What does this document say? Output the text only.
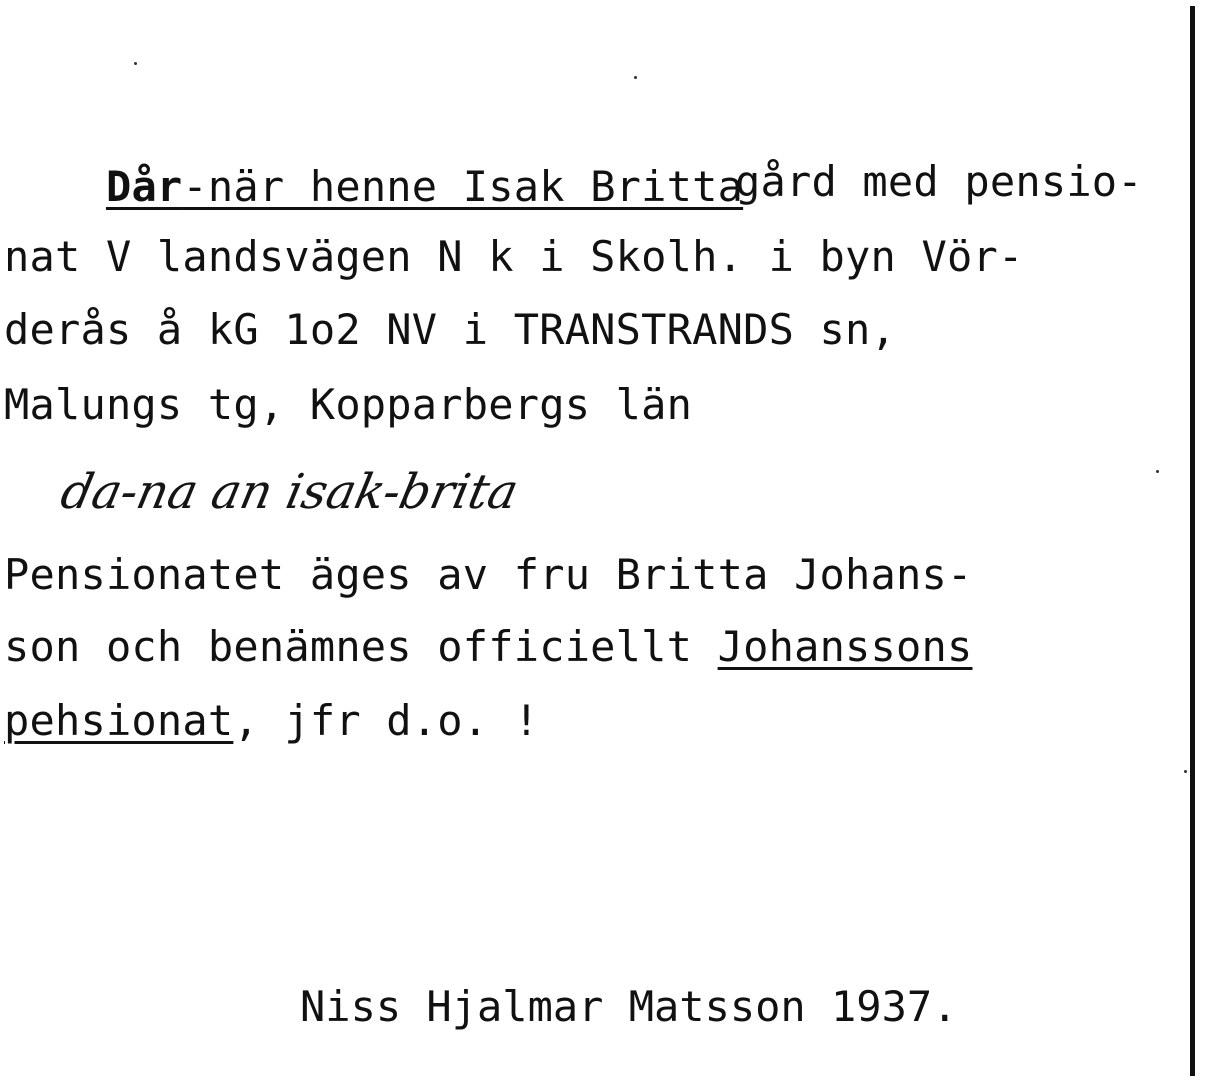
Dår-när henne Isak Britta

gård med pensio-
nat V landsvägen N k i Skolh. i byn Vör-
derås å kG 1o2 NV i TRANSTRANDS sn,
Malungs tg, Kopparbergs län
da-na an isak-brita
Pensionatet äges av fru Britta Johans-
son och benämnes officiellt Johanssons
pehsionat, jfr d.o. !
Niss Hjalmar Matsson 1937.
